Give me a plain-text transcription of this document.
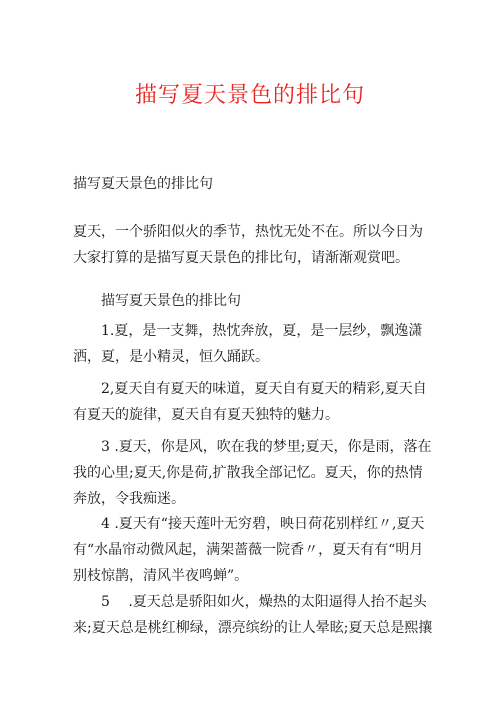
描写夏天景色的排比句
描写夏天景色的排比句
夏天，一个骄阳似火的季节，热忱无处不在。所以今日为大家打算的是描写夏天景色的排比句，请渐渐观赏吧。
描写夏天景色的排比句
1.夏，是一支舞，热忱奔放，夏，是一层纱，飘逸潇洒，夏，是小精灵，恒久踊跃。
2,夏天自有夏天的味道，夏天自有夏天的精彩,夏天自有夏天的旋律，夏天自有夏天独特的魅力。
3 .夏天，你是风，吹在我的梦里;夏天，你是雨，落在我的心里;夏天,你是荷,扩散我全部记忆。夏天，你的热情奔放，令我痴迷。
4 .夏天有“接天莲叶无穷碧，映日荷花别样红〃,夏天有“水晶帘动微风起，满架蔷薇一院香〃，夏天有有“明月别枝惊鹊，清风半夜鸣蝉”。
5　 .夏天总是骄阳如火，燥热的太阳逼得人抬不起头来;夏天总是桃红柳绿，漂亮缤纷的让人晕眩;夏天总是熙攘
